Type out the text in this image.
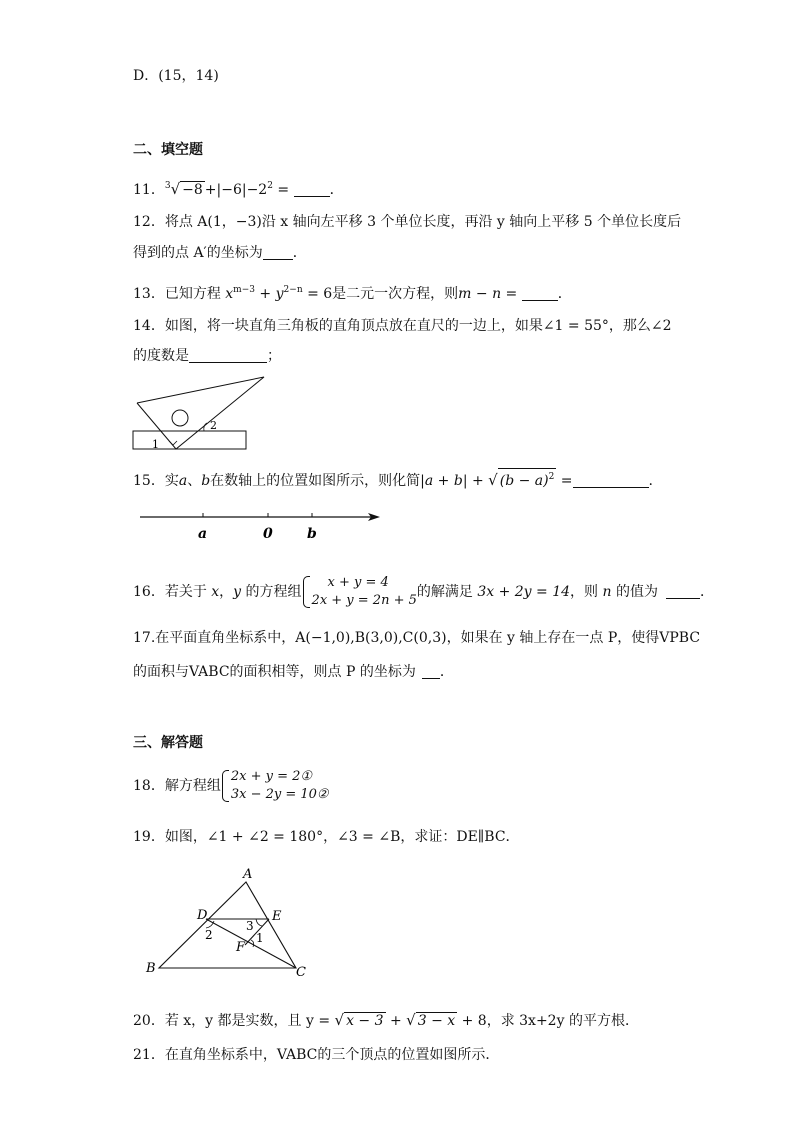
D．(15，14)
二、填空题
11．$^3√ -8 +|-6|-2^2$ =	．
12．将点 A(1，−3)沿 x 轴向左平移 3 个单位长度，再沿 y 轴向上平移 5 个单位长度后
得到的点 A′的坐标为 ．
13．已知方程 $x^{m-3} + y^{2-n} = 6$是二元一次方程，则m − n =	．
14．如图，将一块直角三角板的直角顶点放在直尺的一边上，如果∠1 = 55°，那么∠2
的度数是	；
1
2
15．实a、b在数轴上的位置如图所示，则化简|a + b| + √ $(b - a)^2$ =	.
a	0 b
16．若关于 x，y 的方程组
x + y = 4
2x + y = 2n + 5
的解满足 3x + 2y = 14，则 n 的值为	．
17.在平面直角坐标系中，A(−1,0),B(3,0),C(0,3)，如果在 y 轴上存在一点 P，使得VPBC
的面积与VABC的面积相等，则点 P 的坐标为 ．
三、解答题
18．解方程组
2x + y = 2①
3x − 2y = 10②
19．如图，∠1 + ∠2 = 180°，∠3 = ∠B，求证：DE∥BC．
A
B	C
D	E
F
1
2
3
20．若 x，y 都是实数，且 y = √ x − 3 + √ 3 − x + 8，求 3x+2y 的平方根．
21．在直角坐标系中，VABC的三个顶点的位置如图所示．
